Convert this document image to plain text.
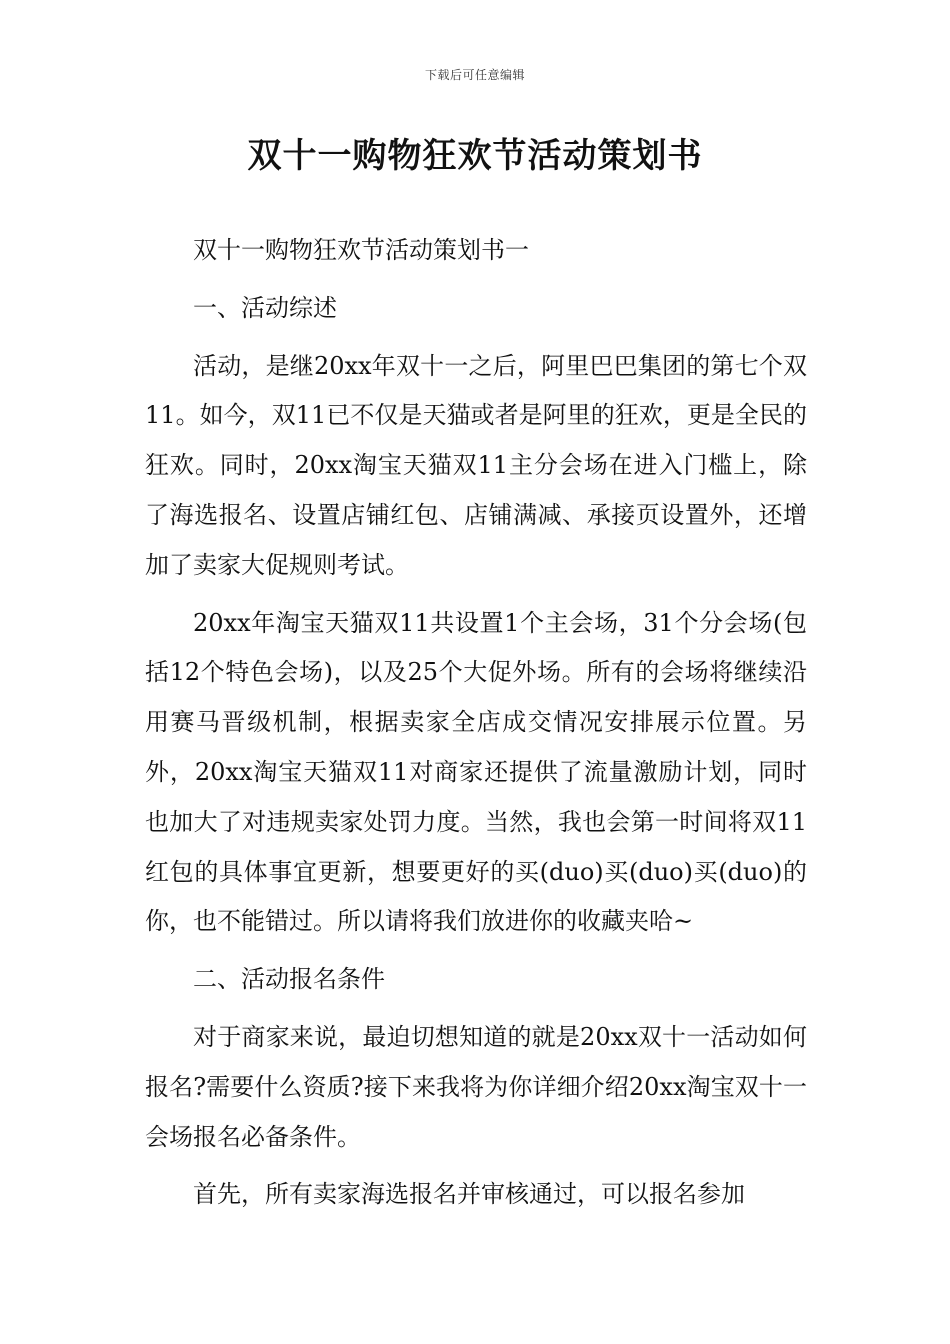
下载后可任意编辑
双十一购物狂欢节活动策划书

双十一购物狂欢节活动策划书一

一、活动综述

活动，是继20xx年双十一之后，阿里巴巴集团的第七个双11。如今，双11已不仅是天猫或者是阿里的狂欢，更是全民的狂欢。同时，20xx淘宝天猫双11主分会场在进入门槛上，除了海选报名、设置店铺红包、店铺满减、承接页设置外，还增加了卖家大促规则考试。

20xx年淘宝天猫双11共设置1个主会场，31个分会场(包括12个特色会场)，以及25个大促外场。所有的会场将继续沿用赛马晋级机制，根据卖家全店成交情况安排展示位置。另外，20xx淘宝天猫双11对商家还提供了流量激励计划，同时也加大了对违规卖家处罚力度。当然，我也会第一时间将双11红包的具体事宜更新，想要更好的买(duo)买(duo)买(duo)的你，也不能错过。所以请将我们放进你的收藏夹哈~

二、活动报名条件

对于商家来说，最迫切想知道的就是20xx双十一活动如何报名?需要什么资质?接下来我将为你详细介绍20xx淘宝双十一会场报名必备条件。

首先，所有卖家海选报名并审核通过，可以报名参加
